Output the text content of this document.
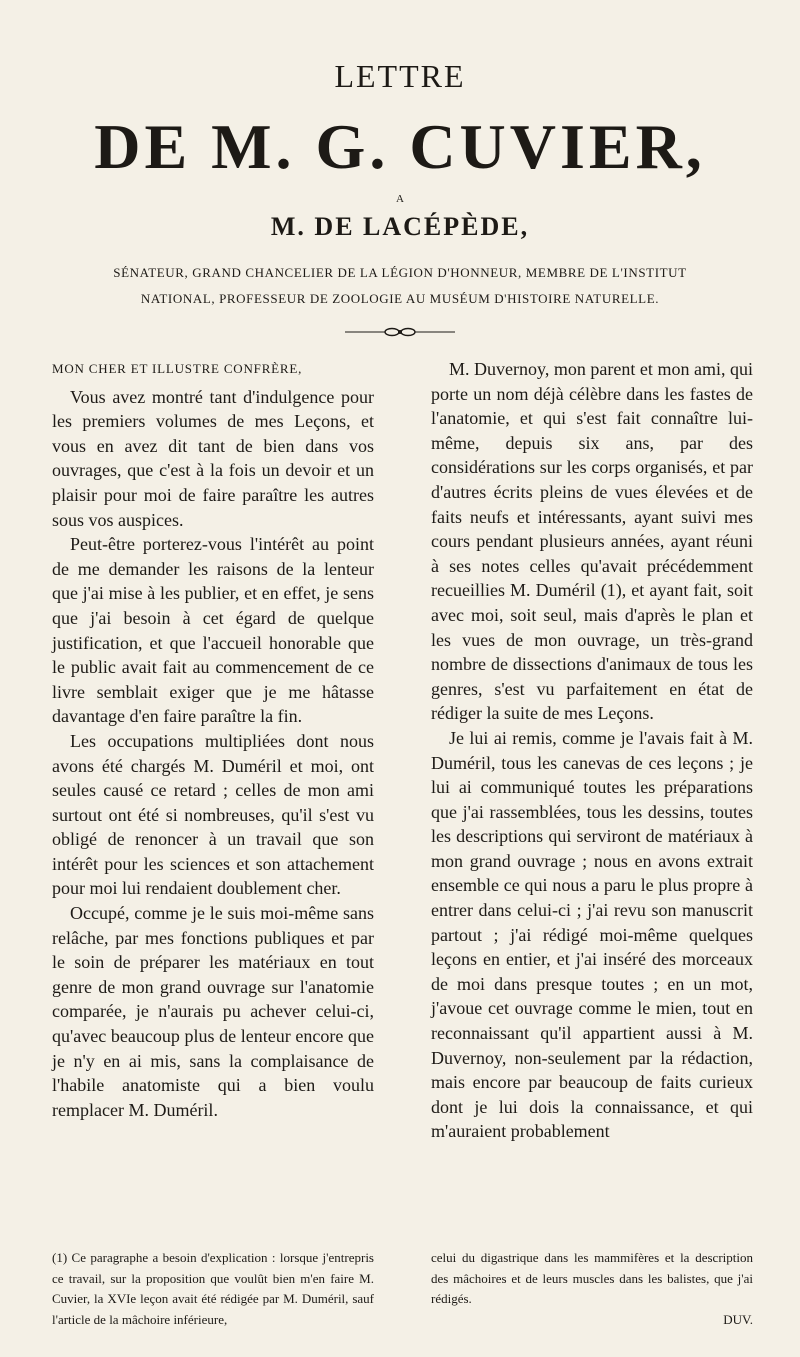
LETTRE
DE M. G. CUVIER,
A
M. DE LACÉPÈDE,
SÉNATEUR, GRAND CHANCELIER DE LA LÉGION D'HONNEUR, MEMBRE DE L'INSTITUT NATIONAL, PROFESSEUR DE ZOOLOGIE AU MUSÉUM D'HISTOIRE NATURELLE.
MON CHER ET ILLUSTRE CONFRÈRE,

Vous avez montré tant d'indulgence pour les premiers volumes de mes Leçons, et vous en avez dit tant de bien dans vos ouvrages, que c'est à la fois un devoir et un plaisir pour moi de faire paraître les autres sous vos auspices.

Peut-être porterez-vous l'intérêt au point de me demander les raisons de la lenteur que j'ai mise à les publier, et en effet, je sens que j'ai besoin à cet égard de quelque justification, et que l'accueil honorable que le public avait fait au commencement de ce livre semblait exiger que je me hâtasse davantage d'en faire paraître la fin.

Les occupations multipliées dont nous avons été chargés M. Duméril et moi, ont seules causé ce retard ; celles de mon ami surtout ont été si nombreuses, qu'il s'est vu obligé de renoncer à un travail que son intérêt pour les sciences et son attachement pour moi lui rendaient doublement cher.

Occupé, comme je le suis moi-même sans relâche, par mes fonctions publiques et par le soin de préparer les matériaux en tout genre de mon grand ouvrage sur l'anatomie comparée, je n'aurais pu achever celui-ci, qu'avec beaucoup plus de lenteur encore que je n'y en ai mis, sans la complaisance de l'habile anatomiste qui a bien voulu remplacer M. Duméril.

M. Duvernoy, mon parent et mon ami, qui porte un nom déjà célèbre dans les fastes de l'anatomie, et qui s'est fait connaître lui-même, depuis six ans, par des considérations sur les corps organisés, et par d'autres écrits pleins de vues élevées et de faits neufs et intéressants, ayant suivi mes cours pendant plusieurs années, ayant réuni à ses notes celles qu'avait précédemment recueillies M. Duméril (1), et ayant fait, soit avec moi, soit seul, mais d'après le plan et les vues de mon ouvrage, un très-grand nombre de dissections d'animaux de tous les genres, s'est vu parfaitement en état de rédiger la suite de mes Leçons.

Je lui ai remis, comme je l'avais fait à M. Duméril, tous les canevas de ces leçons ; je lui ai communiqué toutes les préparations que j'ai rassemblées, tous les dessins, toutes les descriptions qui serviront de matériaux à mon grand ouvrage ; nous en avons extrait ensemble ce qui nous a paru le plus propre à entrer dans celui-ci ; j'ai revu son manuscrit partout ; j'ai rédigé moi-même quelques leçons en entier, et j'ai inséré des morceaux de moi dans presque toutes ; en un mot, j'avoue cet ouvrage comme le mien, tout en reconnaissant qu'il appartient aussi à M. Duvernoy, non-seulement par la rédaction, mais encore par beaucoup de faits curieux dont je lui dois la connaissance, et qui m'auraient probablement

(1) Ce paragraphe a besoin d'explication : lorsque j'entrepris ce travail, sur la proposition que voulût bien m'en faire M. Cuvier, la XVIe leçon avait été rédigée par M. Duméril, sauf l'article de la mâchoire inférieure,

celui du digastrique dans les mammifères et la description des mâchoires et de leurs muscles dans les balistes, que j'ai rédigés.

DUV.
